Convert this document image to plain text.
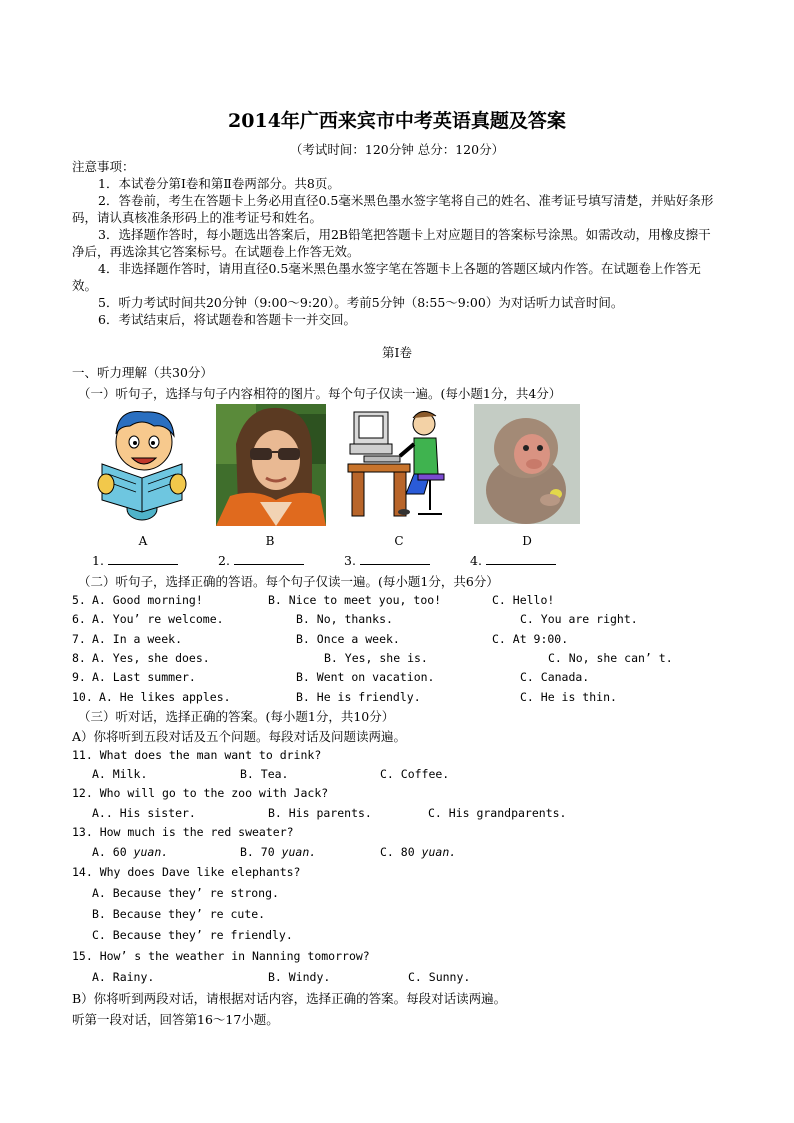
2014年广西来宾市中考英语真题及答案
（考试时间：120分钟 总分：120分）

注意事项：

1．本试卷分第Ⅰ卷和第Ⅱ卷两部分。共8页。

2．答卷前，考生在答题卡上务必用直径0.5毫米黑色墨水签字笔将自己的姓名、准考证号填写清楚，并贴好条形码，请认真核准条形码上的准考证号和姓名。

3．选择题作答时，每小题选出答案后，用2B铅笔把答题卡上对应题目的答案标号涂黑。如需改动，用橡皮擦干净后，再选涂其它答案标号。在试题卷上作答无效。

4．非选择题作答时，请用直径0.5毫米黑色墨水签字笔在答题卡上各题的答题区域内作答。在试题卷上作答无效。

5．听力考试时间共20分钟（9:00～9:20）。考前5分钟（8:55～9:00）为对话听力试音时间。

6．考试结束后，将试题卷和答题卡一并交回。

第Ⅰ卷
一、听力理解（共30分）
（一）听句子，选择与句子内容相符的图片。每个句子仅读一遍。(每小题1分，共4分）
A	B	C	D
1.	2.	3.	4.
（二）听句子，选择正确的答语。每个句子仅读一遍。(每小题1分，共6分）
5. A. Good morning!	B. Nice to meet you, too!	C. Hello!
6. A. You’ re welcome.	B. No, thanks.	C. You are right.
7. A. In a week.	B. Once a week.	C. At 9:00.
8. A. Yes, she does.	B. Yes, she is.	C. No, she can’ t.
9. A. Last summer.	B. Went on vacation.	C. Canada.
10. A. He likes apples.	B. He is friendly.	C. He is thin.
（三）听对话，选择正确的答案。(每小题1分，共10分）
A）你将听到五段对话及五个问题。每段对话及问题读两遍。
11. What does the man want to drink?
A. Milk.	B. Tea.	C. Coffee.
12. Who will go to the zoo with Jack?
A.. His sister.	B. His parents.	C. His grandparents.
13. How much is the red sweater?
A. 60 yuan.	B. 70 yuan.	C. 80 yuan.
14. Why does Dave like elephants?
A. Because they’ re strong.
B. Because they’ re cute.
C. Because they’ re friendly.
15. How’ s the weather in Nanning tomorrow?
A. Rainy.	B. Windy.	C. Sunny.
B）你将听到两段对话，请根据对话内容，选择正确的答案。每段对话读两遍。
听第一段对话，回答第16～17小题。
